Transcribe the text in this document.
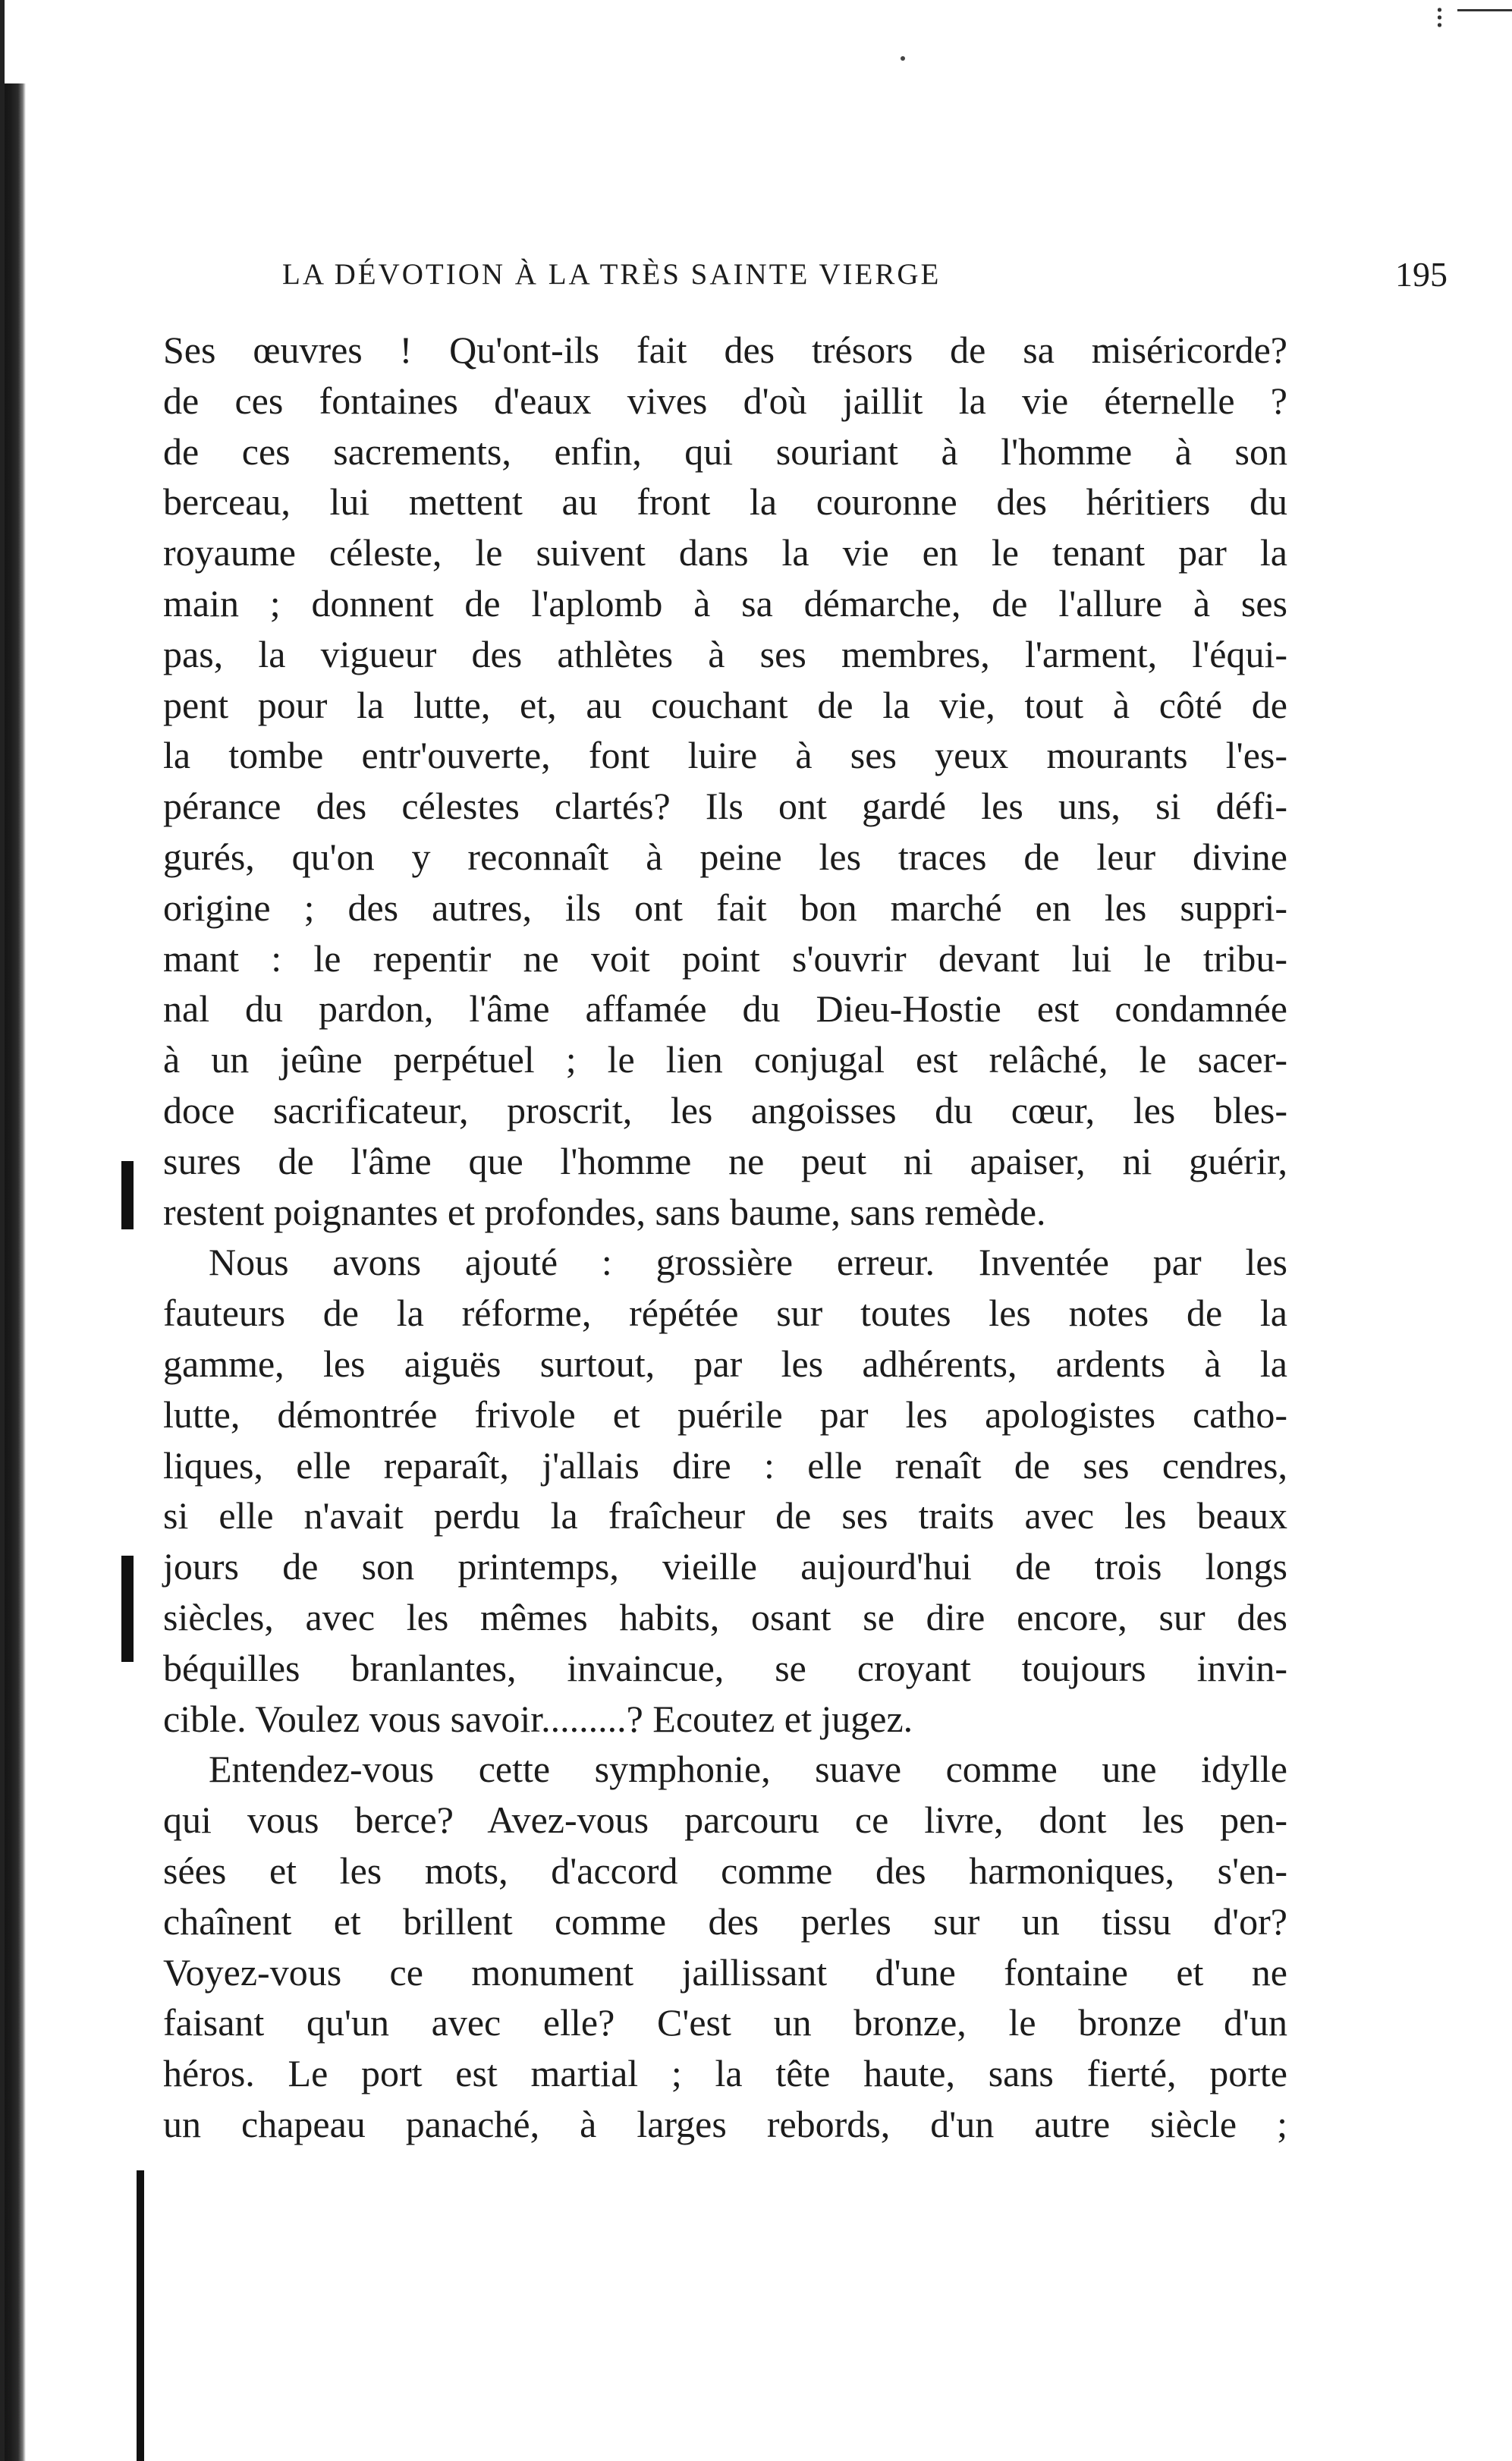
LA DÉVOTION À LA TRÈS SAINTE VIERGE	195
Ses œuvres ! Qu'ont-ils fait des trésors de sa miséricorde?
de ces fontaines d'eaux vives d'où jaillit la vie éternelle ?
de ces sacrements, enfin, qui souriant à l'homme à son
berceau, lui mettent au front la couronne des héritiers du
royaume céleste, le suivent dans la vie en le tenant par la
main ; donnent de l'aplomb à sa démarche, de l'allure à ses
pas, la vigueur des athlètes à ses membres, l'arment, l'équi-
pent pour la lutte, et, au couchant de la vie, tout à côté de
la tombe entr'ouverte, font luire à ses yeux mourants l'es-
pérance des célestes clartés? Ils ont gardé les uns, si défi-
gurés, qu'on y reconnaît à peine les traces de leur divine
origine ; des autres, ils ont fait bon marché en les suppri-
mant : le repentir ne voit point s'ouvrir devant lui le tribu-
nal du pardon, l'âme affamée du Dieu-Hostie est condamnée
à un jeûne perpétuel ; le lien conjugal est relâché, le sacer-
doce sacrificateur, proscrit, les angoisses du cœur, les bles-
sures de l'âme que l'homme ne peut ni apaiser, ni guérir,
restent poignantes et profondes, sans baume, sans remède.
Nous avons ajouté : grossière erreur. Inventée par les
fauteurs de la réforme, répétée sur toutes les notes de la
gamme, les aiguës surtout, par les adhérents, ardents à la
lutte, démontrée frivole et puérile par les apologistes catho-
liques, elle reparaît, j'allais dire : elle renaît de ses cendres,
si elle n'avait perdu la fraîcheur de ses traits avec les beaux
jours de son printemps, vieille aujourd'hui de trois longs
siècles, avec les mêmes habits, osant se dire encore, sur des
béquilles branlantes, invaincue, se croyant toujours invin-
cible. Voulez vous savoir.........? Ecoutez et jugez.
Entendez-vous cette symphonie, suave comme une idylle
qui vous berce? Avez-vous parcouru ce livre, dont les pen-
sées et les mots, d'accord comme des harmoniques, s'en-
chaînent et brillent comme des perles sur un tissu d'or?
Voyez-vous ce monument jaillissant d'une fontaine et ne
faisant qu'un avec elle? C'est un bronze, le bronze d'un
héros. Le port est martial ; la tête haute, sans fierté, porte
un chapeau panaché, à larges rebords, d'un autre siècle ;
